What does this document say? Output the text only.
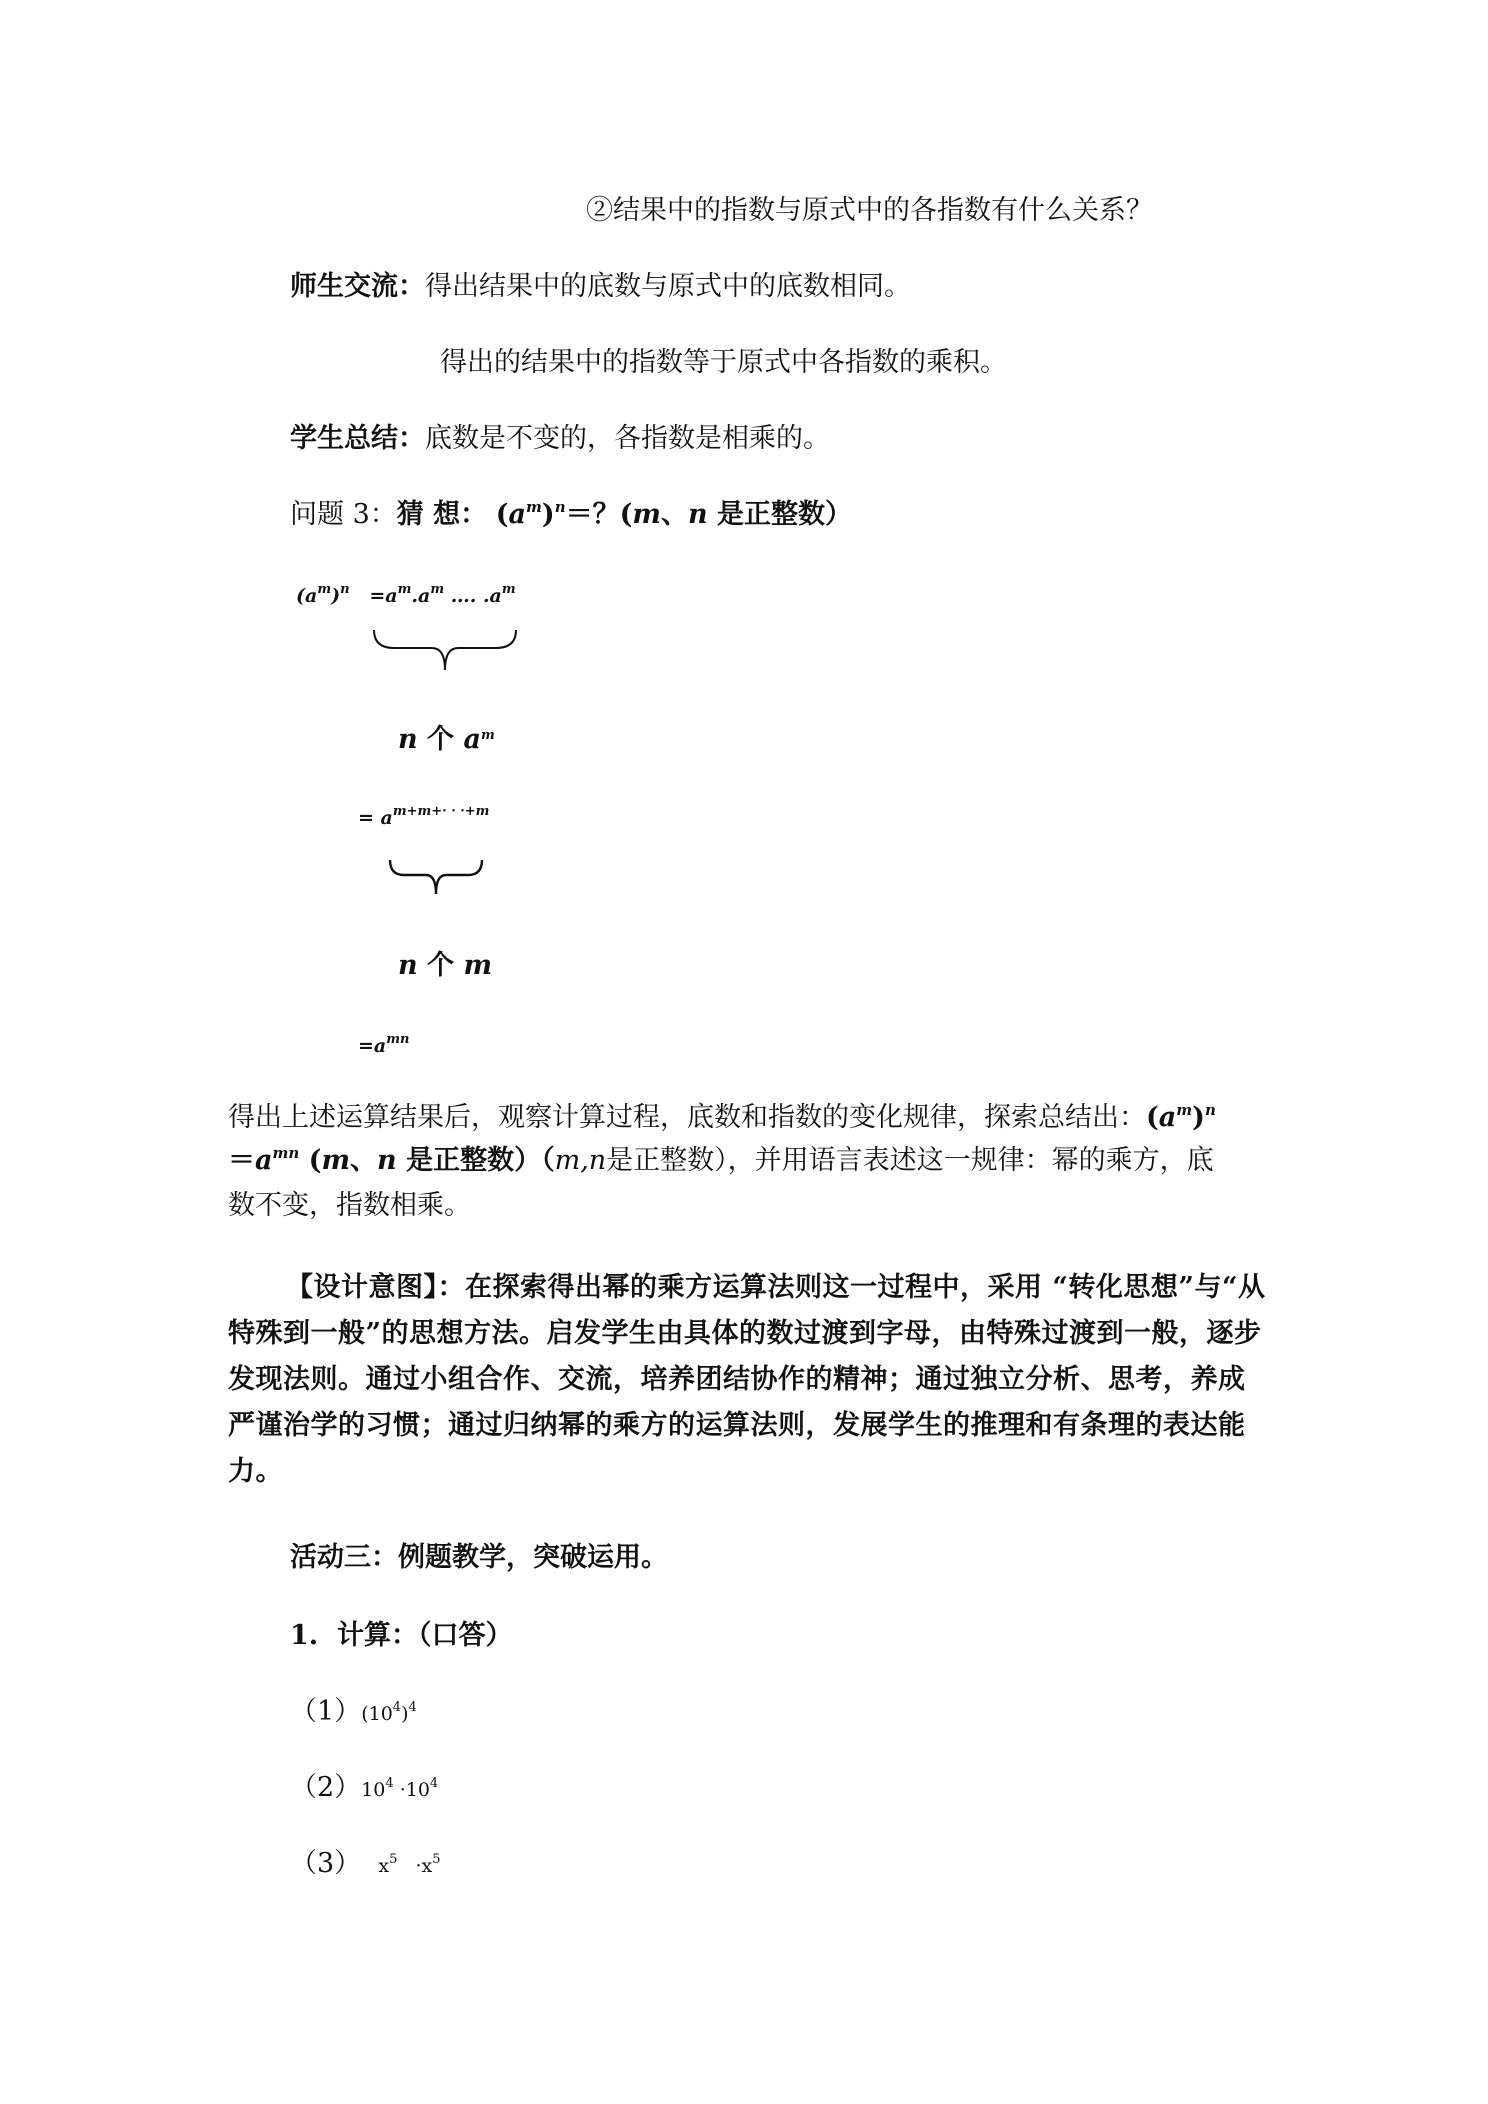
②结果中的指数与原式中的各指数有什么关系？
师生交流：得出结果中的底数与原式中的底数相同。
得出的结果中的指数等于原式中各指数的乘积。
学生总结：底数是不变的，各指数是相乘的。
问题 3：猜 想： $(a^m)^n=$？(m、n 是正整数）
$(a^m)^n =a^m.a^m$ …. $.a^m$
n 个 $a^m$
= $a^{m+m+\cdot \cdot \cdot+m}$
n 个 m
$=a^{mn}$
得出上述运算结果后，观察计算过程，底数和指数的变化规律，探索总结出：$(a^m)^n$
$=a^{mn}$ (m、n 是正整数）（m,n是正整数），并用语言表述这一规律：幂的乘方，底
数不变，指数相乘。
【设计意图】：在探索得出幂的乘方运算法则这一过程中，采用 “转化思想”与“从特殊到一般”的思想方法。启发学生由具体的数过渡到字母，由特殊过渡到一般，逐步发现法则。通过小组合作、交流，培养团结协作的精神；通过独立分析、思考，养成严谨治学的习惯；通过归纳幂的乘方的运算法则，发展学生的推理和有条理的表达能力。
活动三：例题教学，突破运用。
1. 计算：（口答）
$(1)(10^4)^4$
$(2)10^4 \cdot 10^4$
（3） $x^5 \cdot x^5$
